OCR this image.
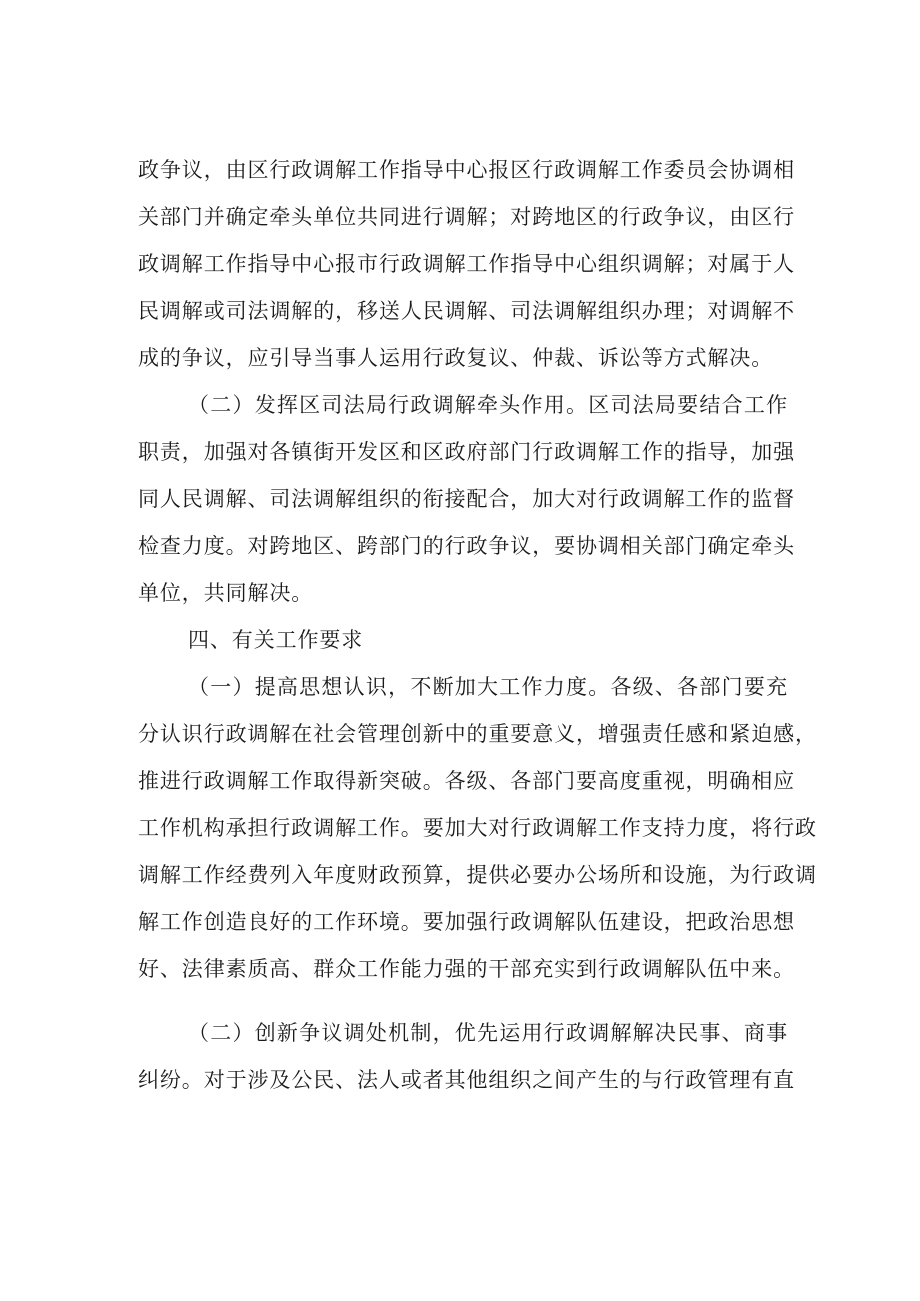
政争议，由区行政调解工作指导中心报区行政调解工作委员会协调相
关部门并确定牵头单位共同进行调解；对跨地区的行政争议，由区行
政调解工作指导中心报市行政调解工作指导中心组织调解；对属于人
民调解或司法调解的，移送人民调解、司法调解组织办理；对调解不
成的争议，应引导当事人运用行政复议、仲裁、诉讼等方式解决。
（二）发挥区司法局行政调解牵头作用。区司法局要结合工作
职责，加强对各镇街开发区和区政府部门行政调解工作的指导，加强
同人民调解、司法调解组织的衔接配合，加大对行政调解工作的监督
检查力度。对跨地区、跨部门的行政争议，要协调相关部门确定牵头
单位，共同解决。
四、有关工作要求
（一）提高思想认识，不断加大工作力度。各级、各部门要充
分认识行政调解在社会管理创新中的重要意义，增强责任感和紧迫感，
推进行政调解工作取得新突破。各级、各部门要高度重视，明确相应
工作机构承担行政调解工作。要加大对行政调解工作支持力度，将行政
调解工作经费列入年度财政预算，提供必要办公场所和设施，为行政调
解工作创造良好的工作环境。要加强行政调解队伍建设，把政治思想
好、法律素质高、群众工作能力强的干部充实到行政调解队伍中来。
（二）创新争议调处机制，优先运用行政调解解决民事、商事
纠纷。对于涉及公民、法人或者其他组织之间产生的与行政管理有直
